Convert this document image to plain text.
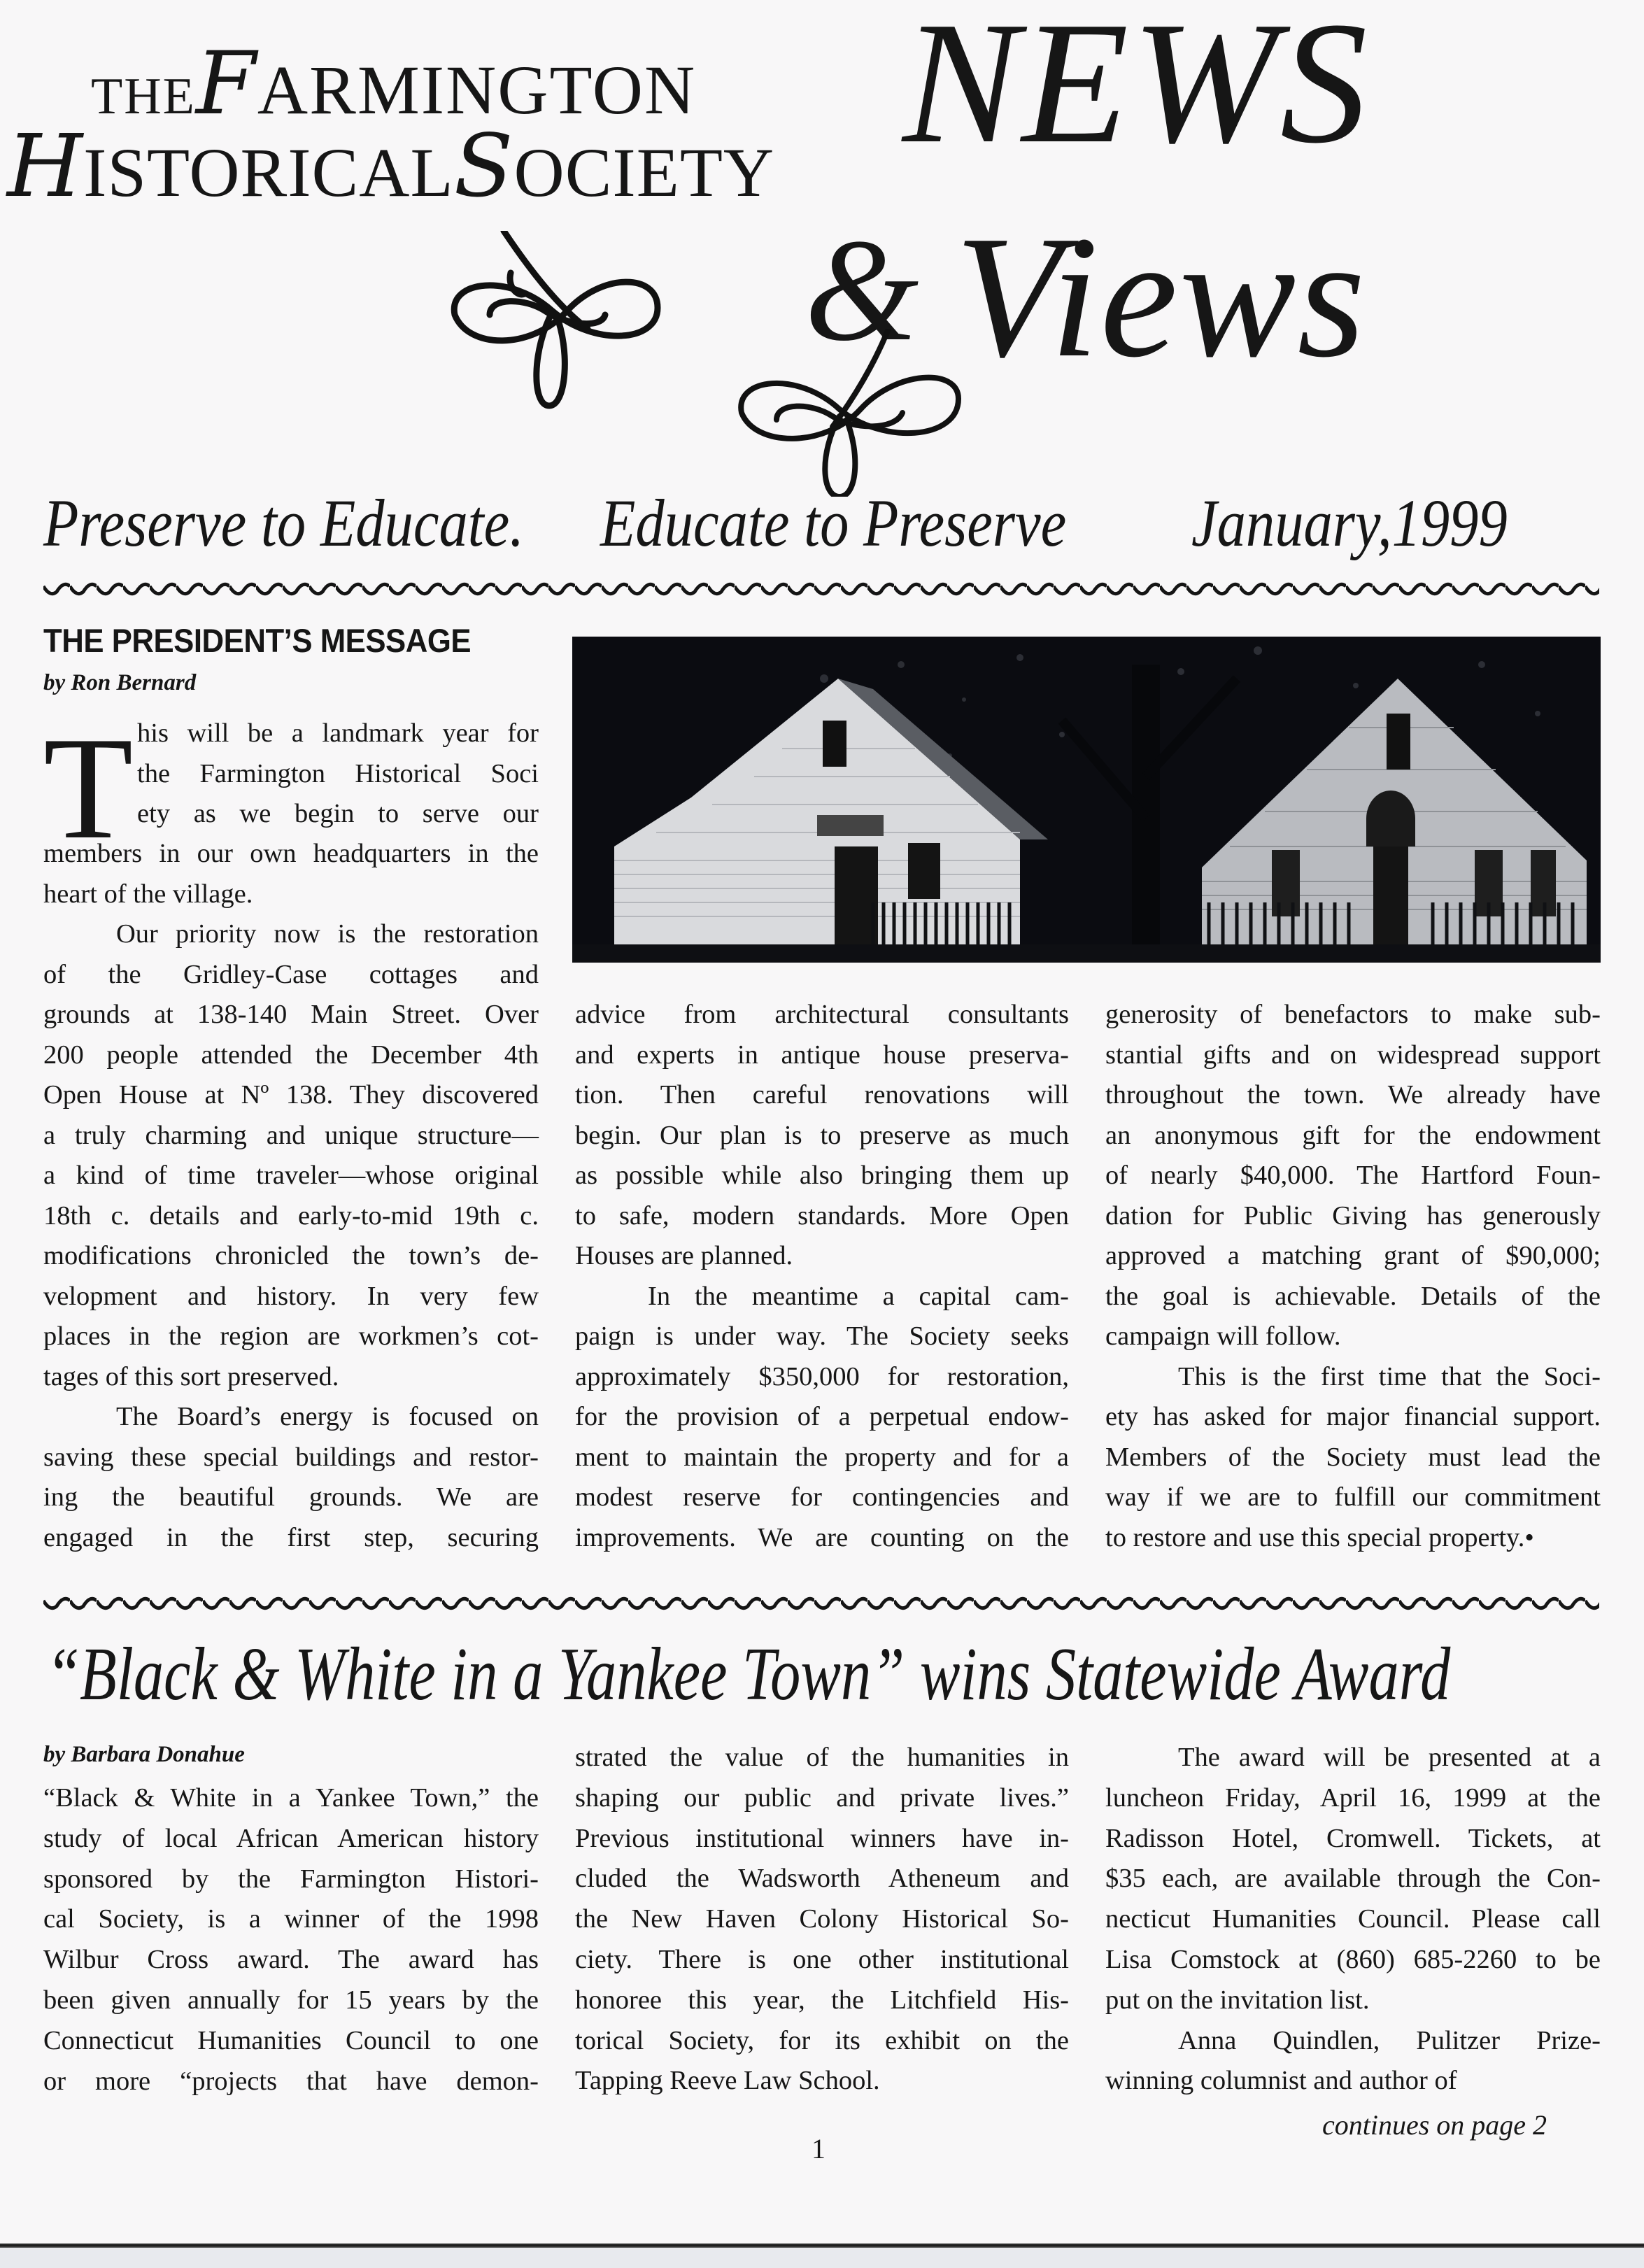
THEFARMINGTON
HISTORICALSOCIETY NEWS
& Views
Preserve to Educate. Educate to Preserve January,1999
THE PRESIDENT’S MESSAGE
by Ron Bernard
T his will be a landmark year for
the Farmington Historical Soci
ety as we begin to serve our
members in our own headquarters in the
heart of the village.
Our priority now is the restoration
of the Gridley-Case cottages and
grounds at 138-140 Main Street. Over
200 people attended the December 4th
Open House at Nº 138. They discovered
a truly charming and unique structure—
a kind of time traveler—whose original
18th c. details and early-to-mid 19th c.
modifications chronicled the town’s de-
velopment and history. In very few
places in the region are workmen’s cot-
tages of this sort preserved.
The Board’s energy is focused on
saving these special buildings and restor-
ing the beautiful grounds. We are
engaged in the first step, securing
advice from architectural consultants
and experts in antique house preserva-
tion. Then careful renovations will
begin. Our plan is to preserve as much
as possible while also bringing them up
to safe, modern standards. More Open
Houses are planned.
In the meantime a capital cam-
paign is under way. The Society seeks
approximately $350,000 for restoration,
for the provision of a perpetual endow-
ment to maintain the property and for a
modest reserve for contingencies and
improvements. We are counting on the
generosity of benefactors to make sub-
stantial gifts and on widespread support
throughout the town. We already have
an anonymous gift for the endowment
of nearly $40,000. The Hartford Foun-
dation for Public Giving has generously
approved a matching grant of $90,000;
the goal is achievable. Details of the
campaign will follow.
This is the first time that the Soci-
ety has asked for major financial support.
Members of the Society must lead the
way if we are to fulfill our commitment
to restore and use this special property.•
“Black & White in a Yankee Town” wins Statewide Award
by Barbara Donahue
“Black & White in a Yankee Town,” the
study of local African American history
sponsored by the Farmington Histori-
cal Society, is a winner of the 1998
Wilbur Cross award. The award has
been given annually for 15 years by the
Connecticut Humanities Council to one
or more “projects that have demon-
strated the value of the humanities in
shaping our public and private lives.”
Previous institutional winners have in-
cluded the Wadsworth Atheneum and
the New Haven Colony Historical So-
ciety. There is one other institutional
honoree this year, the Litchfield His-
torical Society, for its exhibit on the
Tapping Reeve Law School.
The award will be presented at a
luncheon Friday, April 16, 1999 at the
Radisson Hotel, Cromwell. Tickets, at
$35 each, are available through the Con-
necticut Humanities Council. Please call
Lisa Comstock at (860) 685-2260 to be
put on the invitation list.
Anna Quindlen, Pulitzer Prize-
winning columnist and author of
continues on page 2
1
